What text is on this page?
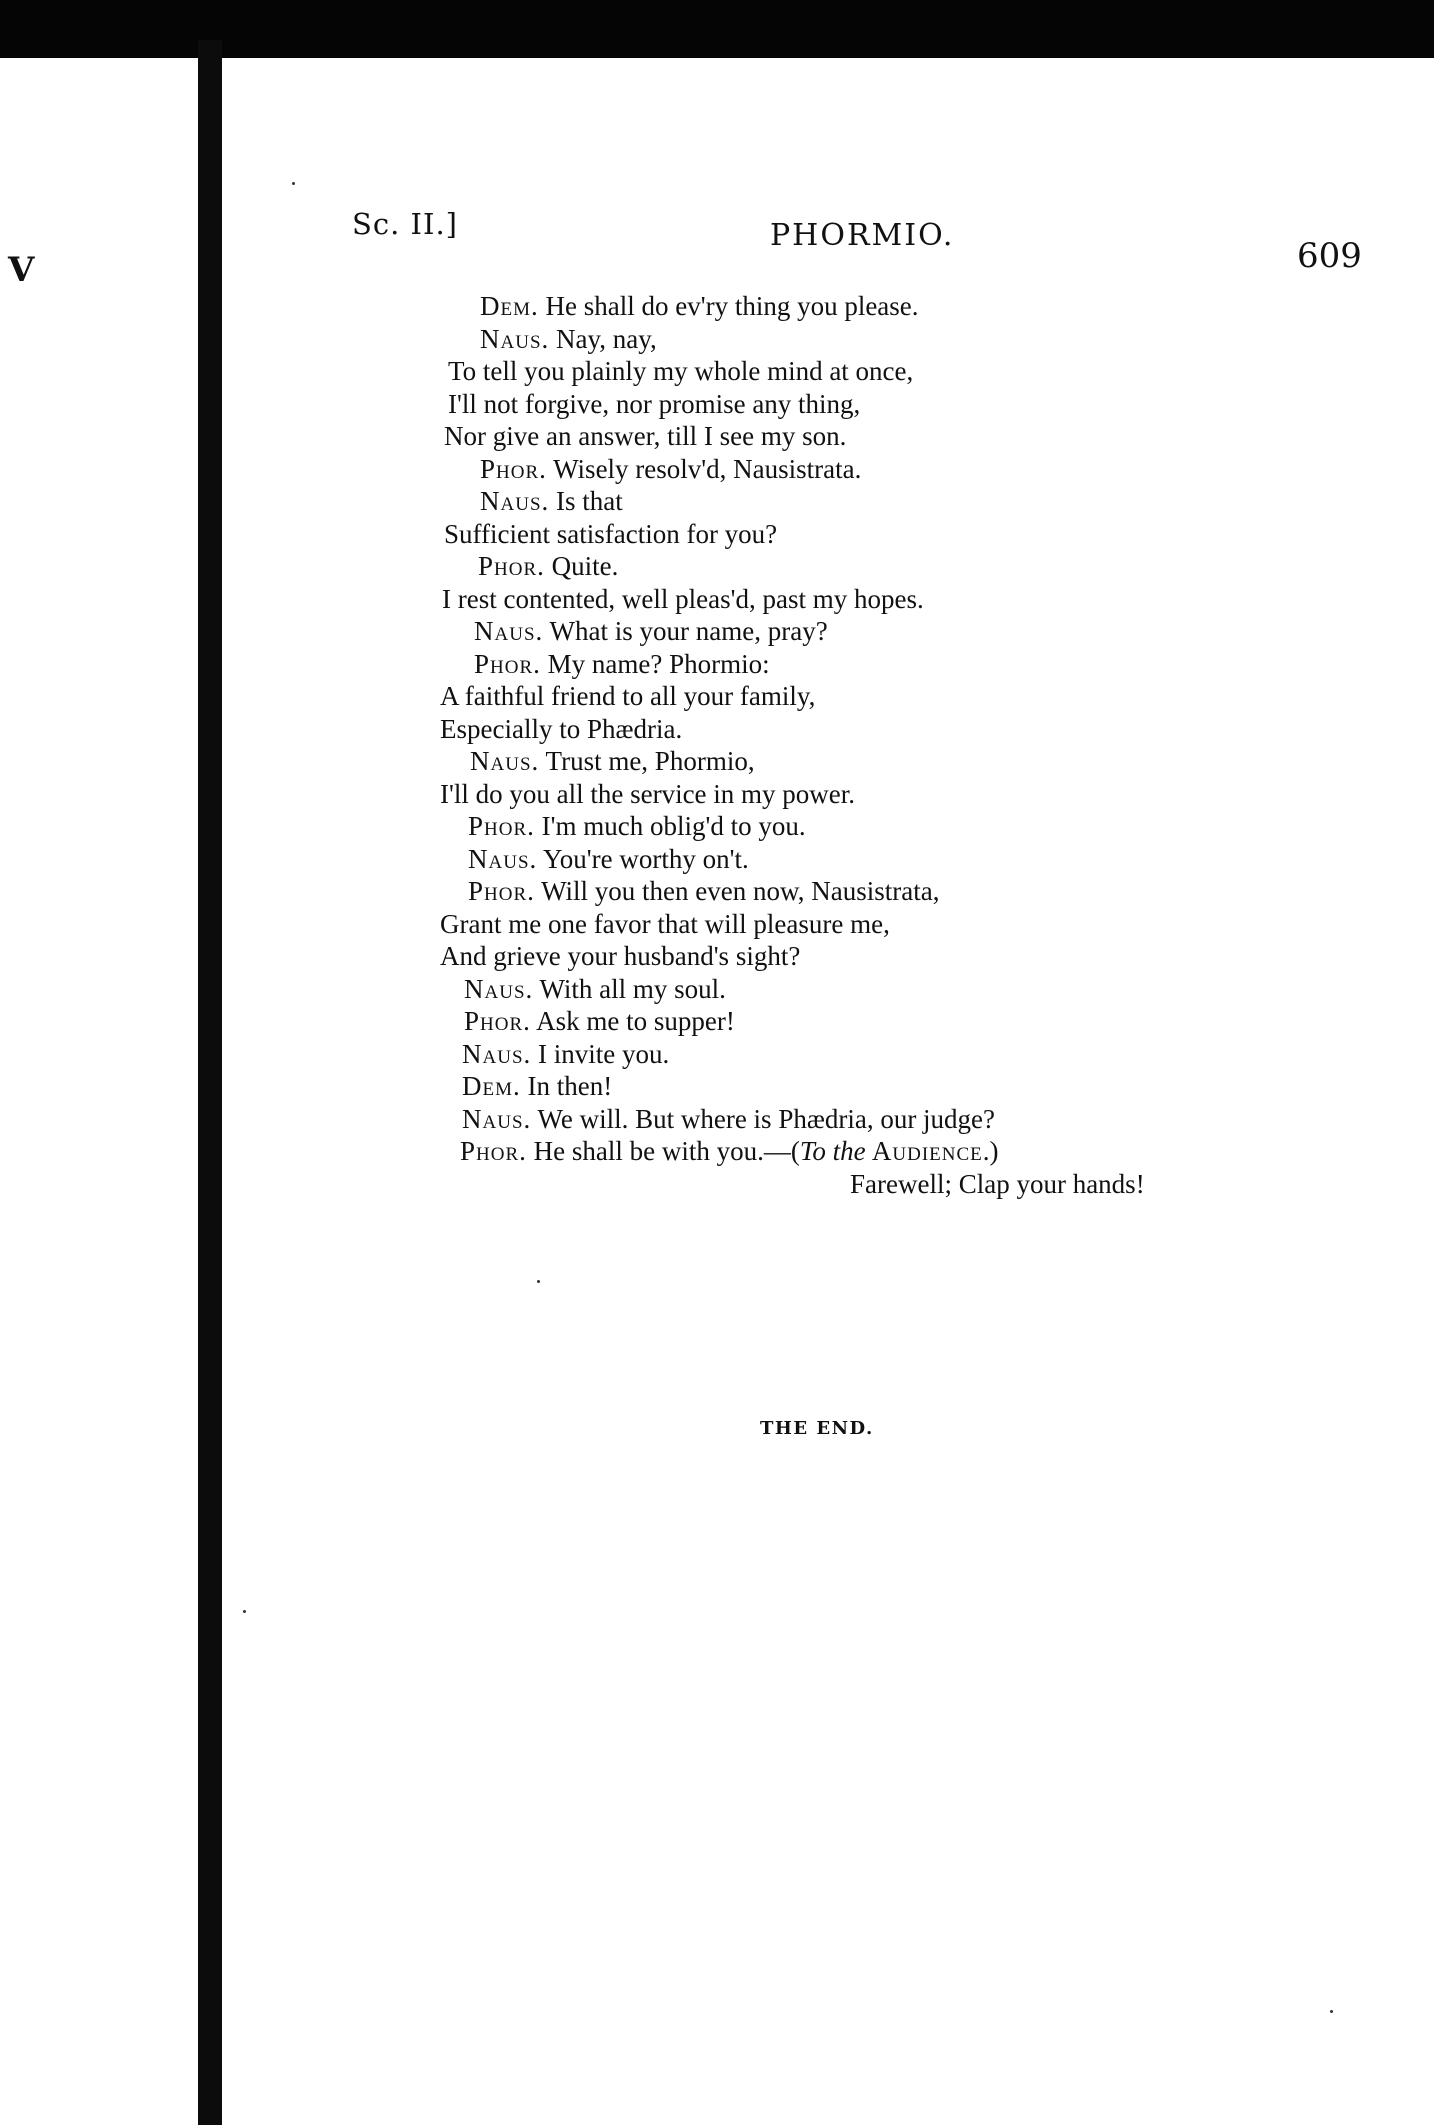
V
Sc. II.]	PHORMIO.
609
Dem. He shall do ev'ry thing you please.
Naus. Nay, nay,
To tell you plainly my whole mind at once,
I'll not forgive, nor promise any thing,
Nor give an answer, till I see my son.
Phor. Wisely resolv'd, Nausistrata.
Naus. Is that
Sufficient satisfaction for you?
Phor. Quite.
I rest contented, well pleas'd, past my hopes.
Naus. What is your name, pray?
Phor. My name? Phormio:
A faithful friend to all your family,
Especially to Phædria.
Naus. Trust me, Phormio,
I'll do you all the service in my power.
Phor. I'm much oblig'd to you.
Naus. You're worthy on't.
Phor. Will you then even now, Nausistrata,
Grant me one favor that will pleasure me,
And grieve your husband's sight?
Naus. With all my soul.
Phor. Ask me to supper!
Naus. I invite you.
Dem. In then!
Naus. We will. But where is Phædria, our judge?
Phor. He shall be with you.—(To the Audience.)
Farewell; Clap your hands!
THE END.
